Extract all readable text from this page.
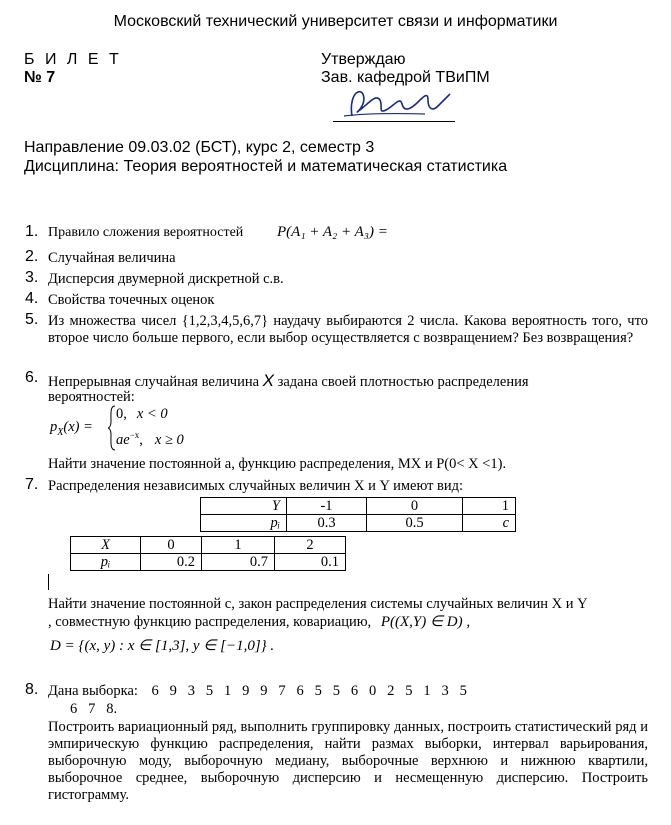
Московский технический университет связи и информатики
Б И Л Е Т
№ 7
Утверждаю
Зав. кафедрой ТВиПМ
Направление 09.03.02 (БСТ), курс 2, семестр 3
Дисциплина: Теория вероятностей и математическая статистика
1. Правило сложения вероятностей P(A₁ + A₂ + A₃) =
2. Случайная величина
3. Дисперсия двумерной дискретной с.в.
4. Свойства точечных оценок
5. Из множества чисел {1,2,3,4,5,6,7} наудачу выбираются 2 числа. Какова вероятность того, что второе число больше первого, если выбор осуществляется с возвращением? Без возвращения?
6. Непрерывная случайная величина X задана своей плотностью распределения
вероятностей:
$p_X(x)$ =
0, x < 0
$ae^{-x}$, x ≥ 0
Найти значение постоянной a, функцию распределения, MX и P(0< X <1).
7. Распределения независимых случайных величин X и Y имеют вид:
Y	-1	0	1
pᵢ	0.3	0.5	c
X	0	1	2
pᵢ	0.2	0.7	0.1
Найти значение постоянной c, закон распределения системы случайных величин X и Y
, совместную функцию распределения, ковариацию, P((X,Y) ∈ D) ,
D = {(x, y) : x ∈ [1,3], y ∈ [−1,0]} .
8. Дана выборка: 6   9   3   5   1   9   9   7   6   5   5   6   0   2   5   1   3   5
6   7   8.
Построить вариационный ряд, выполнить группировку данных, построить статистический ряд и эмпирическую функцию распределения, найти размах выборки, интервал варьирования, выборочную моду, выборочную медиану, выборочные верхнюю и нижнюю квартили, выборочное среднее, выборочную дисперсию и несмещенную дисперсию. Построить гистограмму.
